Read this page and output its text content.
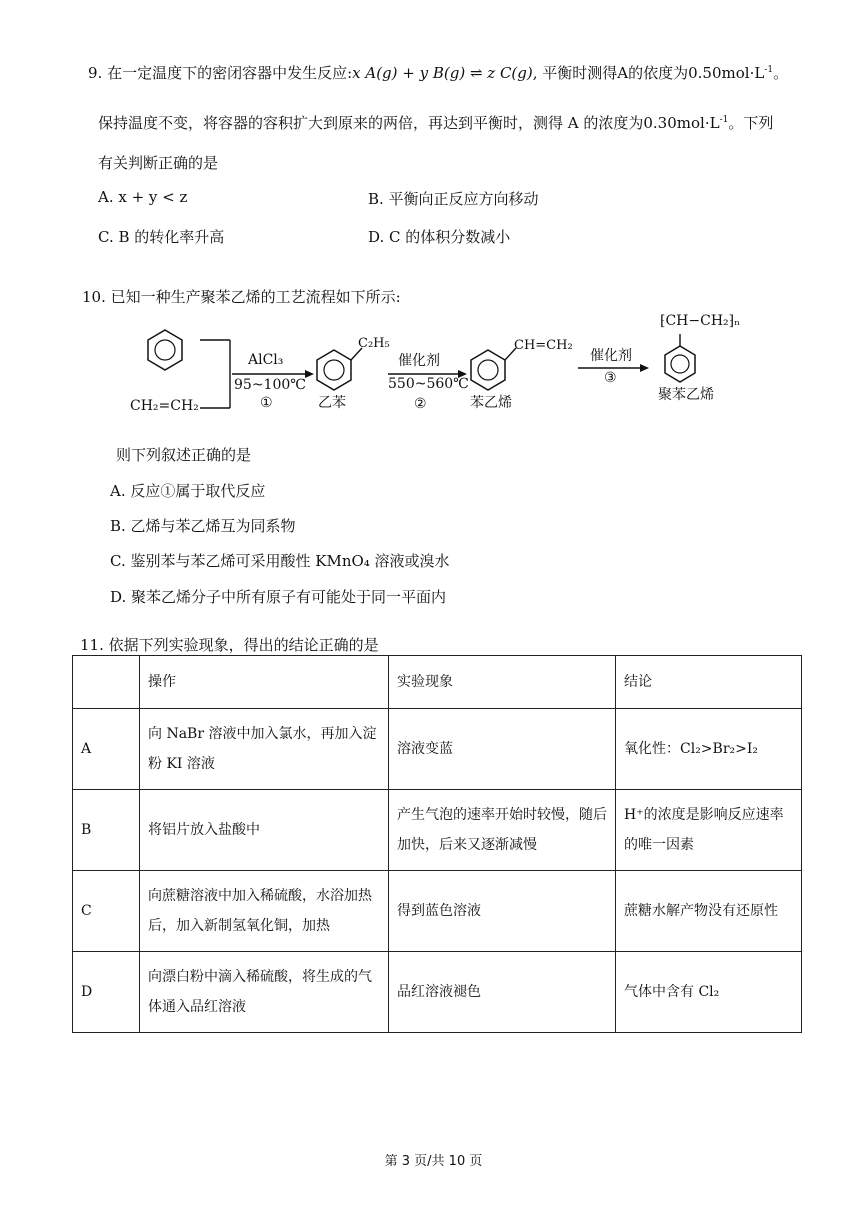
9. 在一定温度下的密闭容器中发生反应:x A(g) + y B(g) ⇌ z C(g), 平衡时测得A的依度为$0.50mol\cdot L^{-1}$。
保持温度不变，将容器的容积扩大到原来的两倍，再达到平衡时，测得 A 的浓度为$0.30mol\cdot L^{-1}$。下列
有关判断正确的是
A. x + y < z	B. 平衡向正反应方向移动
C. B 的转化率升高	D. C 的体积分数减小
10. 已知一种生产聚苯乙烯的工艺流程如下所示:
CH₂=CH₂
AlCl₃
95~100℃
①
C₂H₅
乙苯
催化剂
550~560℃
②
CH=CH₂
苯乙烯
催化剂
③
⁅CH−CH₂⁆ₙ
聚苯乙烯
则下列叙述正确的是
A. 反应①属于取代反应
B. 乙烯与苯乙烯互为同系物
C. 鉴别苯与苯乙烯可采用酸性 KMnO₄ 溶液或溴水
D. 聚苯乙烯分子中所有原子有可能处于同一平面内
11. 依据下列实验现象，得出的结论正确的是
	操作	实验现象	结论
A	向 NaBr 溶液中加入氯水，再加入淀粉 KI 溶液	溶液变蓝	氧化性：Cl₂>Br₂>I₂
B	将铝片放入盐酸中	产生气泡的速率开始时较慢，随后加快，后来又逐渐减慢	H⁺的浓度是影响反应速率的唯一因素
C	向蔗糖溶液中加入稀硫酸，水浴加热后，加入新制氢氧化铜，加热	得到蓝色溶液	蔗糖水解产物没有还原性
D	向漂白粉中滴入稀硫酸，将生成的气体通入品红溶液	品红溶液褪色	气体中含有 Cl₂
第 3 页/共 10 页
